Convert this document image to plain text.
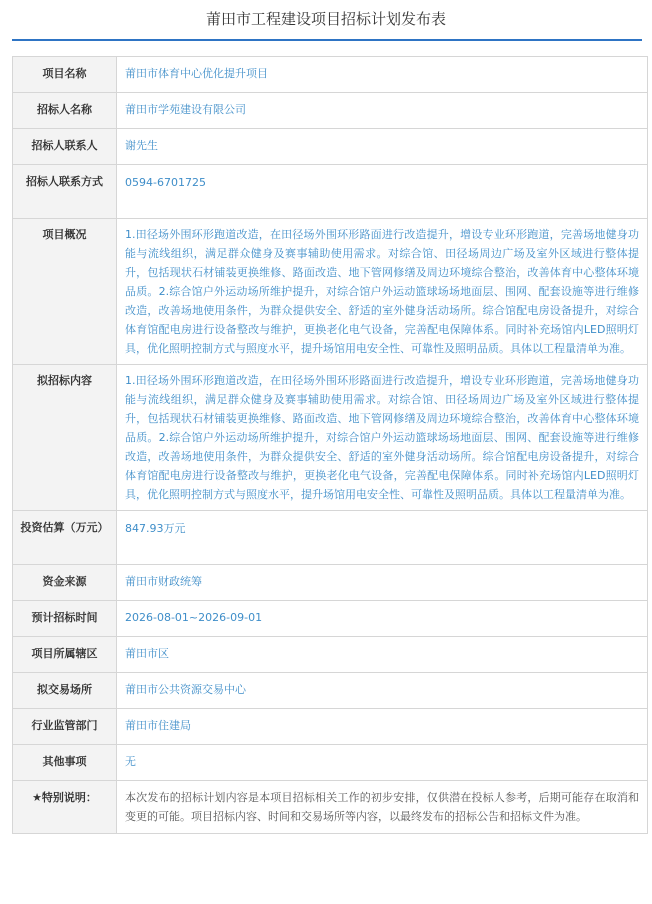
莆田市工程建设项目招标计划发布表
项目名称	莆田市体育中心优化提升项目
招标人名称	莆田市学苑建设有限公司
招标人联系人	谢先生
招标人联系方式	0594-6701725
项目概况	1.田径场外围环形跑道改造，在田径场外围环形路面进行改造提升，增设专业环形跑道，完善场地健身功能与流线组织，满足群众健身及赛事辅助使用需求。对综合馆、田径场周边广场及室外区域进行整体提升，包括现状石材铺装更换维修、路面改造、地下管网修缮及周边环境综合整治，改善体育中心整体环境品质。2.综合馆户外运动场所维护提升，对综合馆户外运动篮球场场地面层、围网、配套设施等进行维修改造，改善场地使用条件，为群众提供安全、舒适的室外健身活动场所。综合馆配电房设备提升，对综合体育馆配电房进行设备整改与维护，更换老化电气设备，完善配电保障体系。同时补充场馆内LED照明灯具，优化照明控制方式与照度水平，提升场馆用电安全性、可靠性及照明品质。具体以工程量清单为准。
拟招标内容	1.田径场外围环形跑道改造，在田径场外围环形路面进行改造提升，增设专业环形跑道，完善场地健身功能与流线组织，满足群众健身及赛事辅助使用需求。对综合馆、田径场周边广场及室外区域进行整体提升，包括现状石材铺装更换维修、路面改造、地下管网修缮及周边环境综合整治，改善体育中心整体环境品质。2.综合馆户外运动场所维护提升，对综合馆户外运动篮球场场地面层、围网、配套设施等进行维修改造，改善场地使用条件，为群众提供安全、舒适的室外健身活动场所。综合馆配电房设备提升，对综合体育馆配电房进行设备整改与维护，更换老化电气设备，完善配电保障体系。同时补充场馆内LED照明灯具，优化照明控制方式与照度水平，提升场馆用电安全性、可靠性及照明品质。具体以工程量清单为准。
投资估算（万元）	847.93万元
资金来源	莆田市财政统筹
预计招标时间	2026-08-01~2026-09-01
项目所属辖区	莆田市区
拟交易场所	莆田市公共资源交易中心
行业监管部门	莆田市住建局
其他事项	无
★特别说明：	本次发布的招标计划内容是本项目招标相关工作的初步安排，仅供潜在投标人参考，后期可能存在取消和变更的可能。项目招标内容、时间和交易场所等内容，以最终发布的招标公告和招标文件为准。
